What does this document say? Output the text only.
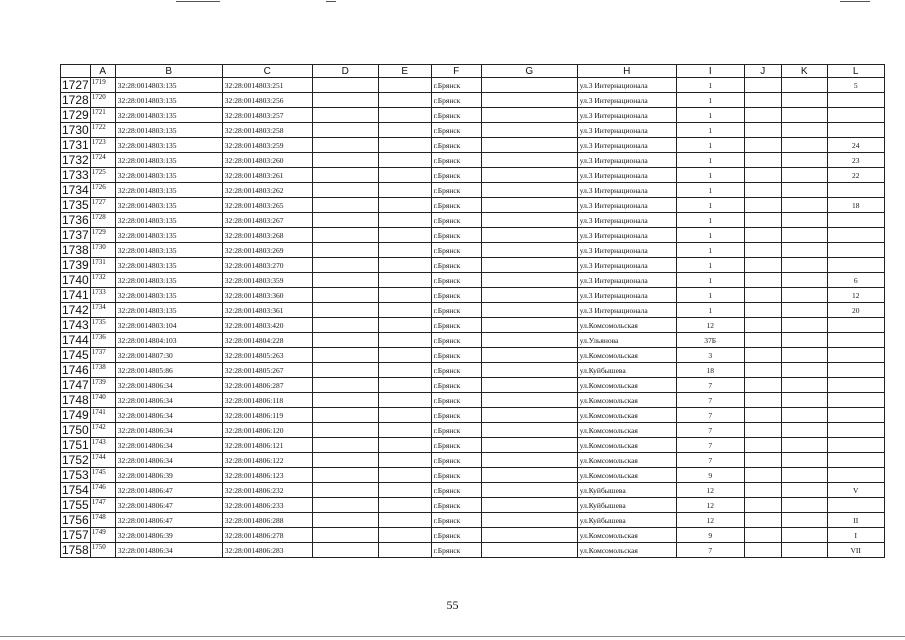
	A	B	C	D	E	F	G	H	I	J	K	L
1727	1719	32:28:0014803:135	32:28:0014803:251			г.Брянск		ул.3 Интернационала	1			5
1728	1720	32:28:0014803:135	32:28:0014803:256			г.Брянск		ул.3 Интернационала	1			
1729	1721	32:28:0014803:135	32:28:0014803:257			г.Брянск		ул.3 Интернационала	1			
1730	1722	32:28:0014803:135	32:28:0014803:258			г.Брянск		ул.3 Интернационала	1			
1731	1723	32:28:0014803:135	32:28:0014803:259			г.Брянск		ул.3 Интернационала	1			24
1732	1724	32:28:0014803:135	32:28:0014803:260			г.Брянск		ул.3 Интернационала	1			23
1733	1725	32:28:0014803:135	32:28:0014803:261			г.Брянск		ул.3 Интернационала	1			22
1734	1726	32:28:0014803:135	32:28:0014803:262			г.Брянск		ул.3 Интернационала	1			
1735	1727	32:28:0014803:135	32:28:0014803:265			г.Брянск		ул.3 Интернационала	1			18
1736	1728	32:28:0014803:135	32:28:0014803:267			г.Брянск		ул.3 Интернационала	1			
1737	1729	32:28:0014803:135	32:28:0014803:268			г.Брянск		ул.3 Интернационала	1			
1738	1730	32:28:0014803:135	32:28:0014803:269			г.Брянск		ул.3 Интернационала	1			
1739	1731	32:28:0014803:135	32:28:0014803:270			г.Брянск		ул.3 Интернационала	1			
1740	1732	32:28:0014803:135	32:28:0014803:359			г.Брянск		ул.3 Интернационала	1			6
1741	1733	32:28:0014803:135	32:28:0014803:360			г.Брянск		ул.3 Интернационала	1			12
1742	1734	32:28:0014803:135	32:28:0014803:361			г.Брянск		ул.3 Интернационала	1			20
1743	1735	32:28:0014803:104	32:28:0014803:420			г.Брянск		ул.Комсомольская	12			
1744	1736	32:28:0014804:103	32:28:0014804:228			г.Брянск		ул.Ульянова	37Б			
1745	1737	32:28:0014807:30	32:28:0014805:263			г.Брянск		ул.Комсомольская	3			
1746	1738	32:28:0014805:86	32:28:0014805:267			г.Брянск		ул.Куйбышева	18			
1747	1739	32:28:0014806:34	32:28:0014806:287			г.Брянск		ул.Комсомольская	7			
1748	1740	32:28:0014806:34	32:28:0014806:118			г.Брянск		ул.Комсомольская	7			
1749	1741	32:28:0014806:34	32:28:0014806:119			г.Брянск		ул.Комсомольская	7			
1750	1742	32:28:0014806:34	32:28:0014806:120			г.Брянск		ул.Комсомольская	7			
1751	1743	32:28:0014806:34	32:28:0014806:121			г.Брянск		ул.Комсомольская	7			
1752	1744	32:28:0014806:34	32:28:0014806:122			г.Брянск		ул.Комсомольская	7			
1753	1745	32:28:0014806:39	32:28:0014806:123			г.Брянск		ул.Комсомольская	9			
1754	1746	32:28:0014806:47	32:28:0014806:232			г.Брянск		ул.Куйбышева	12			V
1755	1747	32:28:0014806:47	32:28:0014806:233			г.Брянск		ул.Куйбышева	12			
1756	1748	32:28:0014806:47	32:28:0014806:288			г.Брянск		ул.Куйбышева	12			II
1757	1749	32:28:0014806:39	32:28:0014806:278			г.Брянск		ул.Комсомольская	9			I
1758	1750	32:28:0014806:34	32:28:0014806:283			г.Брянск		ул.Комсомольская	7			VII
55
